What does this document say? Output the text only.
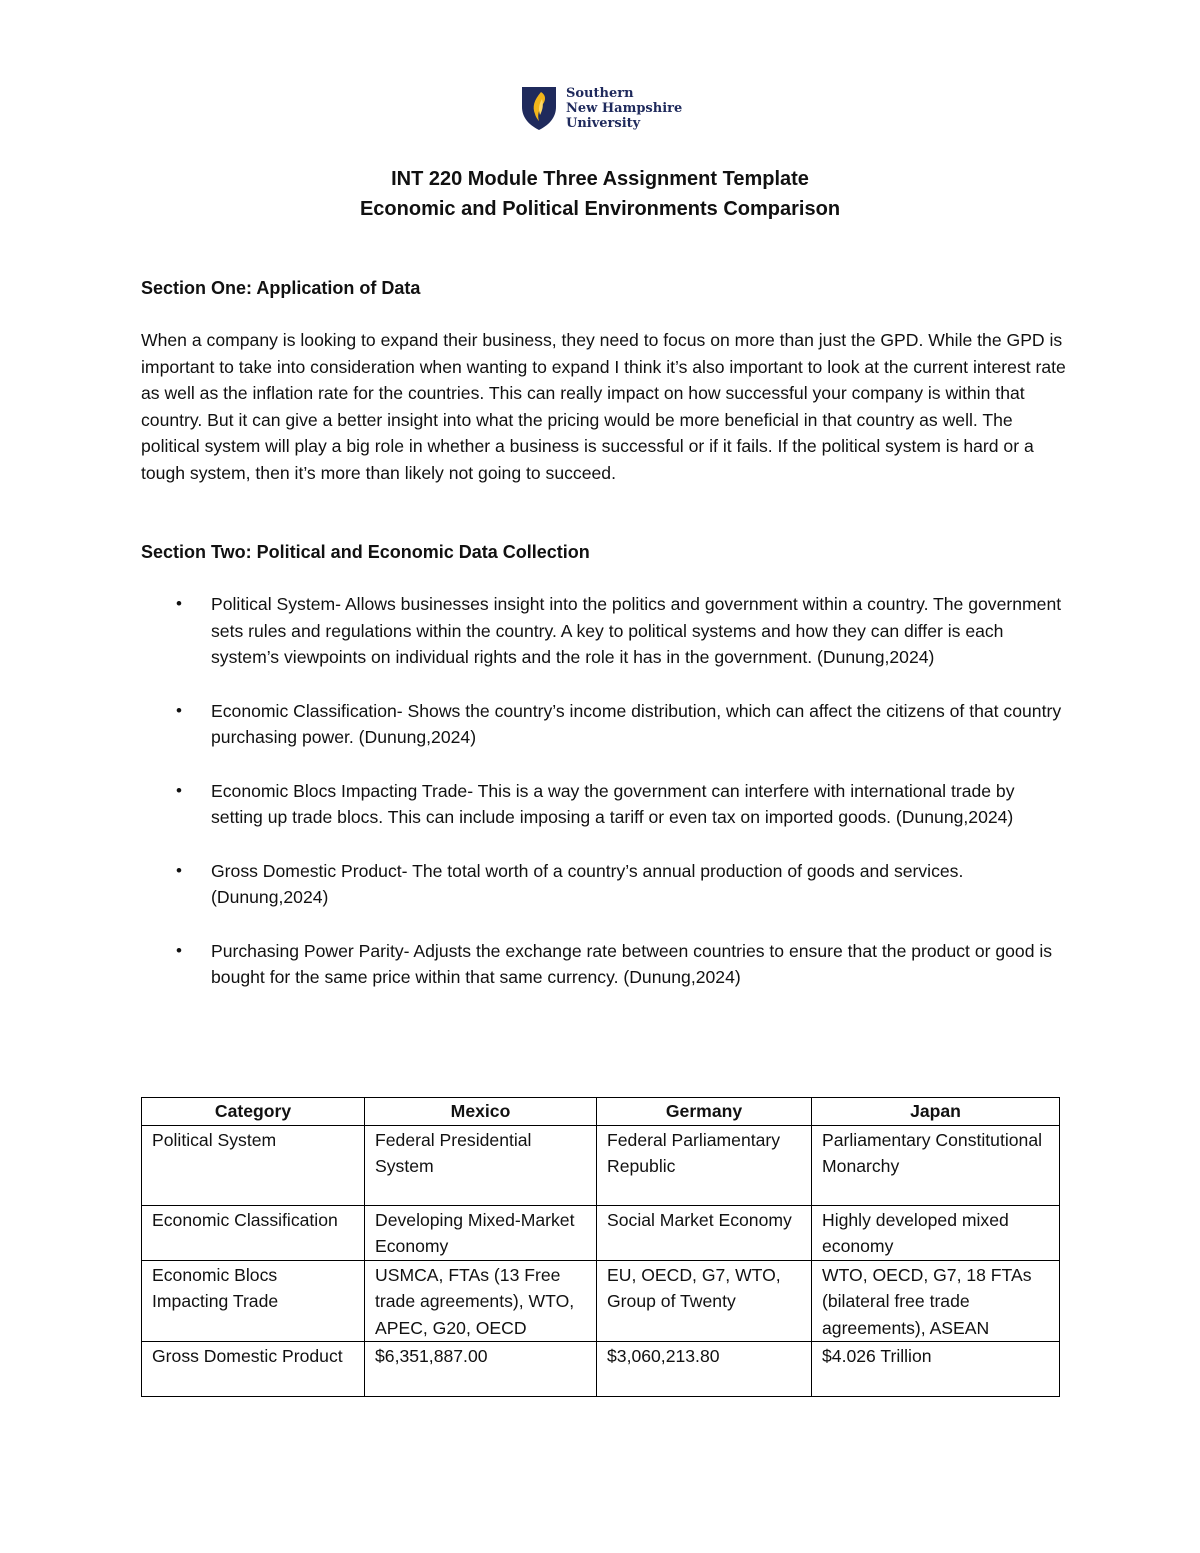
Southern
New Hampshire
University
INT 220 Module Three Assignment Template
Economic and Political Environments Comparison
Section One: Application of Data
When a company is looking to expand their business, they need to focus on more than just the GPD. While the GPD is important to take into consideration when wanting to expand I think it’s also important to look at the current interest rate as well as the inflation rate for the countries. This can really impact on how successful your company is within that country. But it can give a better insight into what the pricing would be more beneficial in that country as well. The political system will play a big role in whether a business is successful or if it fails. If the political system is hard or a tough system, then it’s more than likely not going to succeed.
Section Two: Political and Economic Data Collection
• Political System- Allows businesses insight into the politics and government within a country. The government sets rules and regulations within the country. A key to political systems and how they can differ is each system’s viewpoints on individual rights and the role it has in the government. (Dunung,2024)
• Economic Classification- Shows the country’s income distribution, which can affect the citizens of that country purchasing power. (Dunung,2024)
• Economic Blocs Impacting Trade- This is a way the government can interfere with international trade by setting up trade blocs. This can include imposing a tariff or even tax on imported goods. (Dunung,2024)
• Gross Domestic Product- The total worth of a country’s annual production of goods and services. (Dunung,2024)
• Purchasing Power Parity- Adjusts the exchange rate between countries to ensure that the product or good is bought for the same price within that same currency. (Dunung,2024)
Category	Mexico	Germany	Japan
Political System	Federal Presidential System	Federal Parliamentary Republic	Parliamentary Constitutional Monarchy
Economic Classification	Developing Mixed-Market Economy	Social Market Economy	Highly developed mixed economy
Economic Blocs Impacting Trade	USMCA, FTAs (13 Free trade agreements), WTO, APEC, G20, OECD	EU, OECD, G7, WTO, Group of Twenty	WTO, OECD, G7, 18 FTAs (bilateral free trade agreements), ASEAN
Gross Domestic Product	$6,351,887.00	$3,060,213.80	$4.026 Trillion
